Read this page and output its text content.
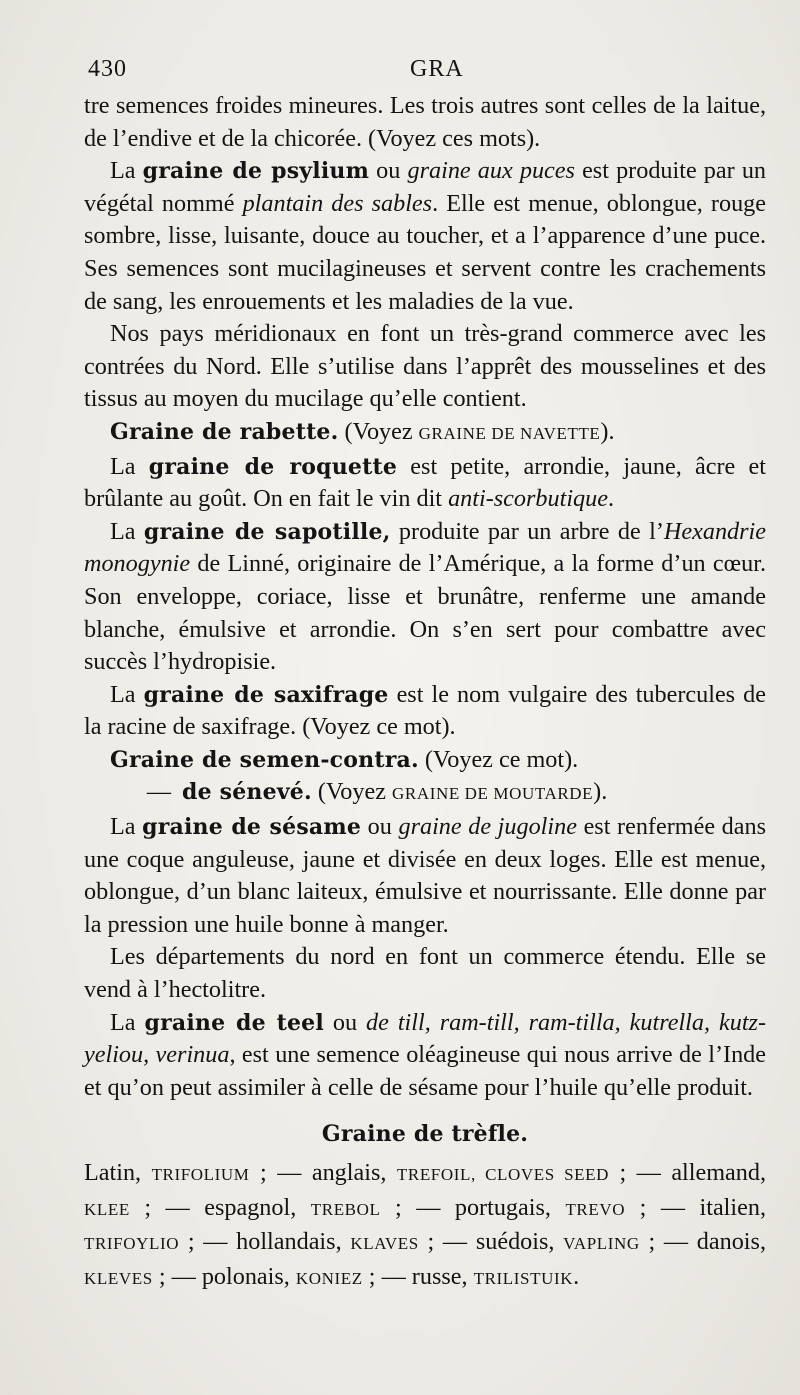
430	GRA

tre semences froides mineures. Les trois autres sont celles de la laitue, de l’endive et de la chicorée. (Voyez ces mots).

La graine de psylium ou graine aux puces est produite par un végétal nommé plantain des sables. Elle est menue, oblongue, rouge sombre, lisse, luisante, douce au toucher, et a l’apparence d’une puce. Ses semences sont mucilagineuses et servent contre les crachements de sang, les enrouements et les maladies de la vue.

Nos pays méridionaux en font un très-grand commerce avec les contrées du Nord. Elle s’utilise dans l’apprêt des mousselines et des tissus au moyen du mucilage qu’elle contient.

Graine de rabette. (Voyez GRAINE DE NAVETTE).

La graine de roquette est petite, arrondie, jaune, âcre et brûlante au goût. On en fait le vin dit anti-scorbutique.

La graine de sapotille, produite par un arbre de l’Hexandrie monogynie de Linné, originaire de l’Amérique, a la forme d’un cœur. Son enveloppe, coriace, lisse et brunâtre, renferme une amande blanche, émulsive et arrondie. On s’en sert pour combattre avec succès l’hydropisie.

La graine de saxifrage est le nom vulgaire des tubercules de la racine de saxifrage. (Voyez ce mot).

Graine de semen-contra. (Voyez ce mot).

— de sénevé. (Voyez GRAINE DE MOUTARDE).

La graine de sésame ou graine de jugoline est renfermée dans une coque anguleuse, jaune et divisée en deux loges. Elle est menue, oblongue, d’un blanc laiteux, émulsive et nourrissante. Elle donne par la pression une huile bonne à manger.

Les départements du nord en font un commerce étendu. Elle se vend à l’hectolitre.

La graine de teel ou de till, ram-till, ram-tilla, kutrella, kutz-yeliou, verinua, est une semence oléagineuse qui nous arrive de l’Inde et qu’on peut assimiler à celle de sésame pour l’huile qu’elle produit.

Graine de trèfle.

Latin, TRIFOLIUM ; — anglais, TREFOIL, CLOVES SEED ; — allemand, KLEE ; — espagnol, TREBOL ; — portugais, TREVO ; — italien, TRIFOYLIO ; — hollandais, KLAVES ; — suédois, VAPLING ; — danois, KLEVES ; — polonais, KONIEZ ; — russe, TRILISTUIK.
